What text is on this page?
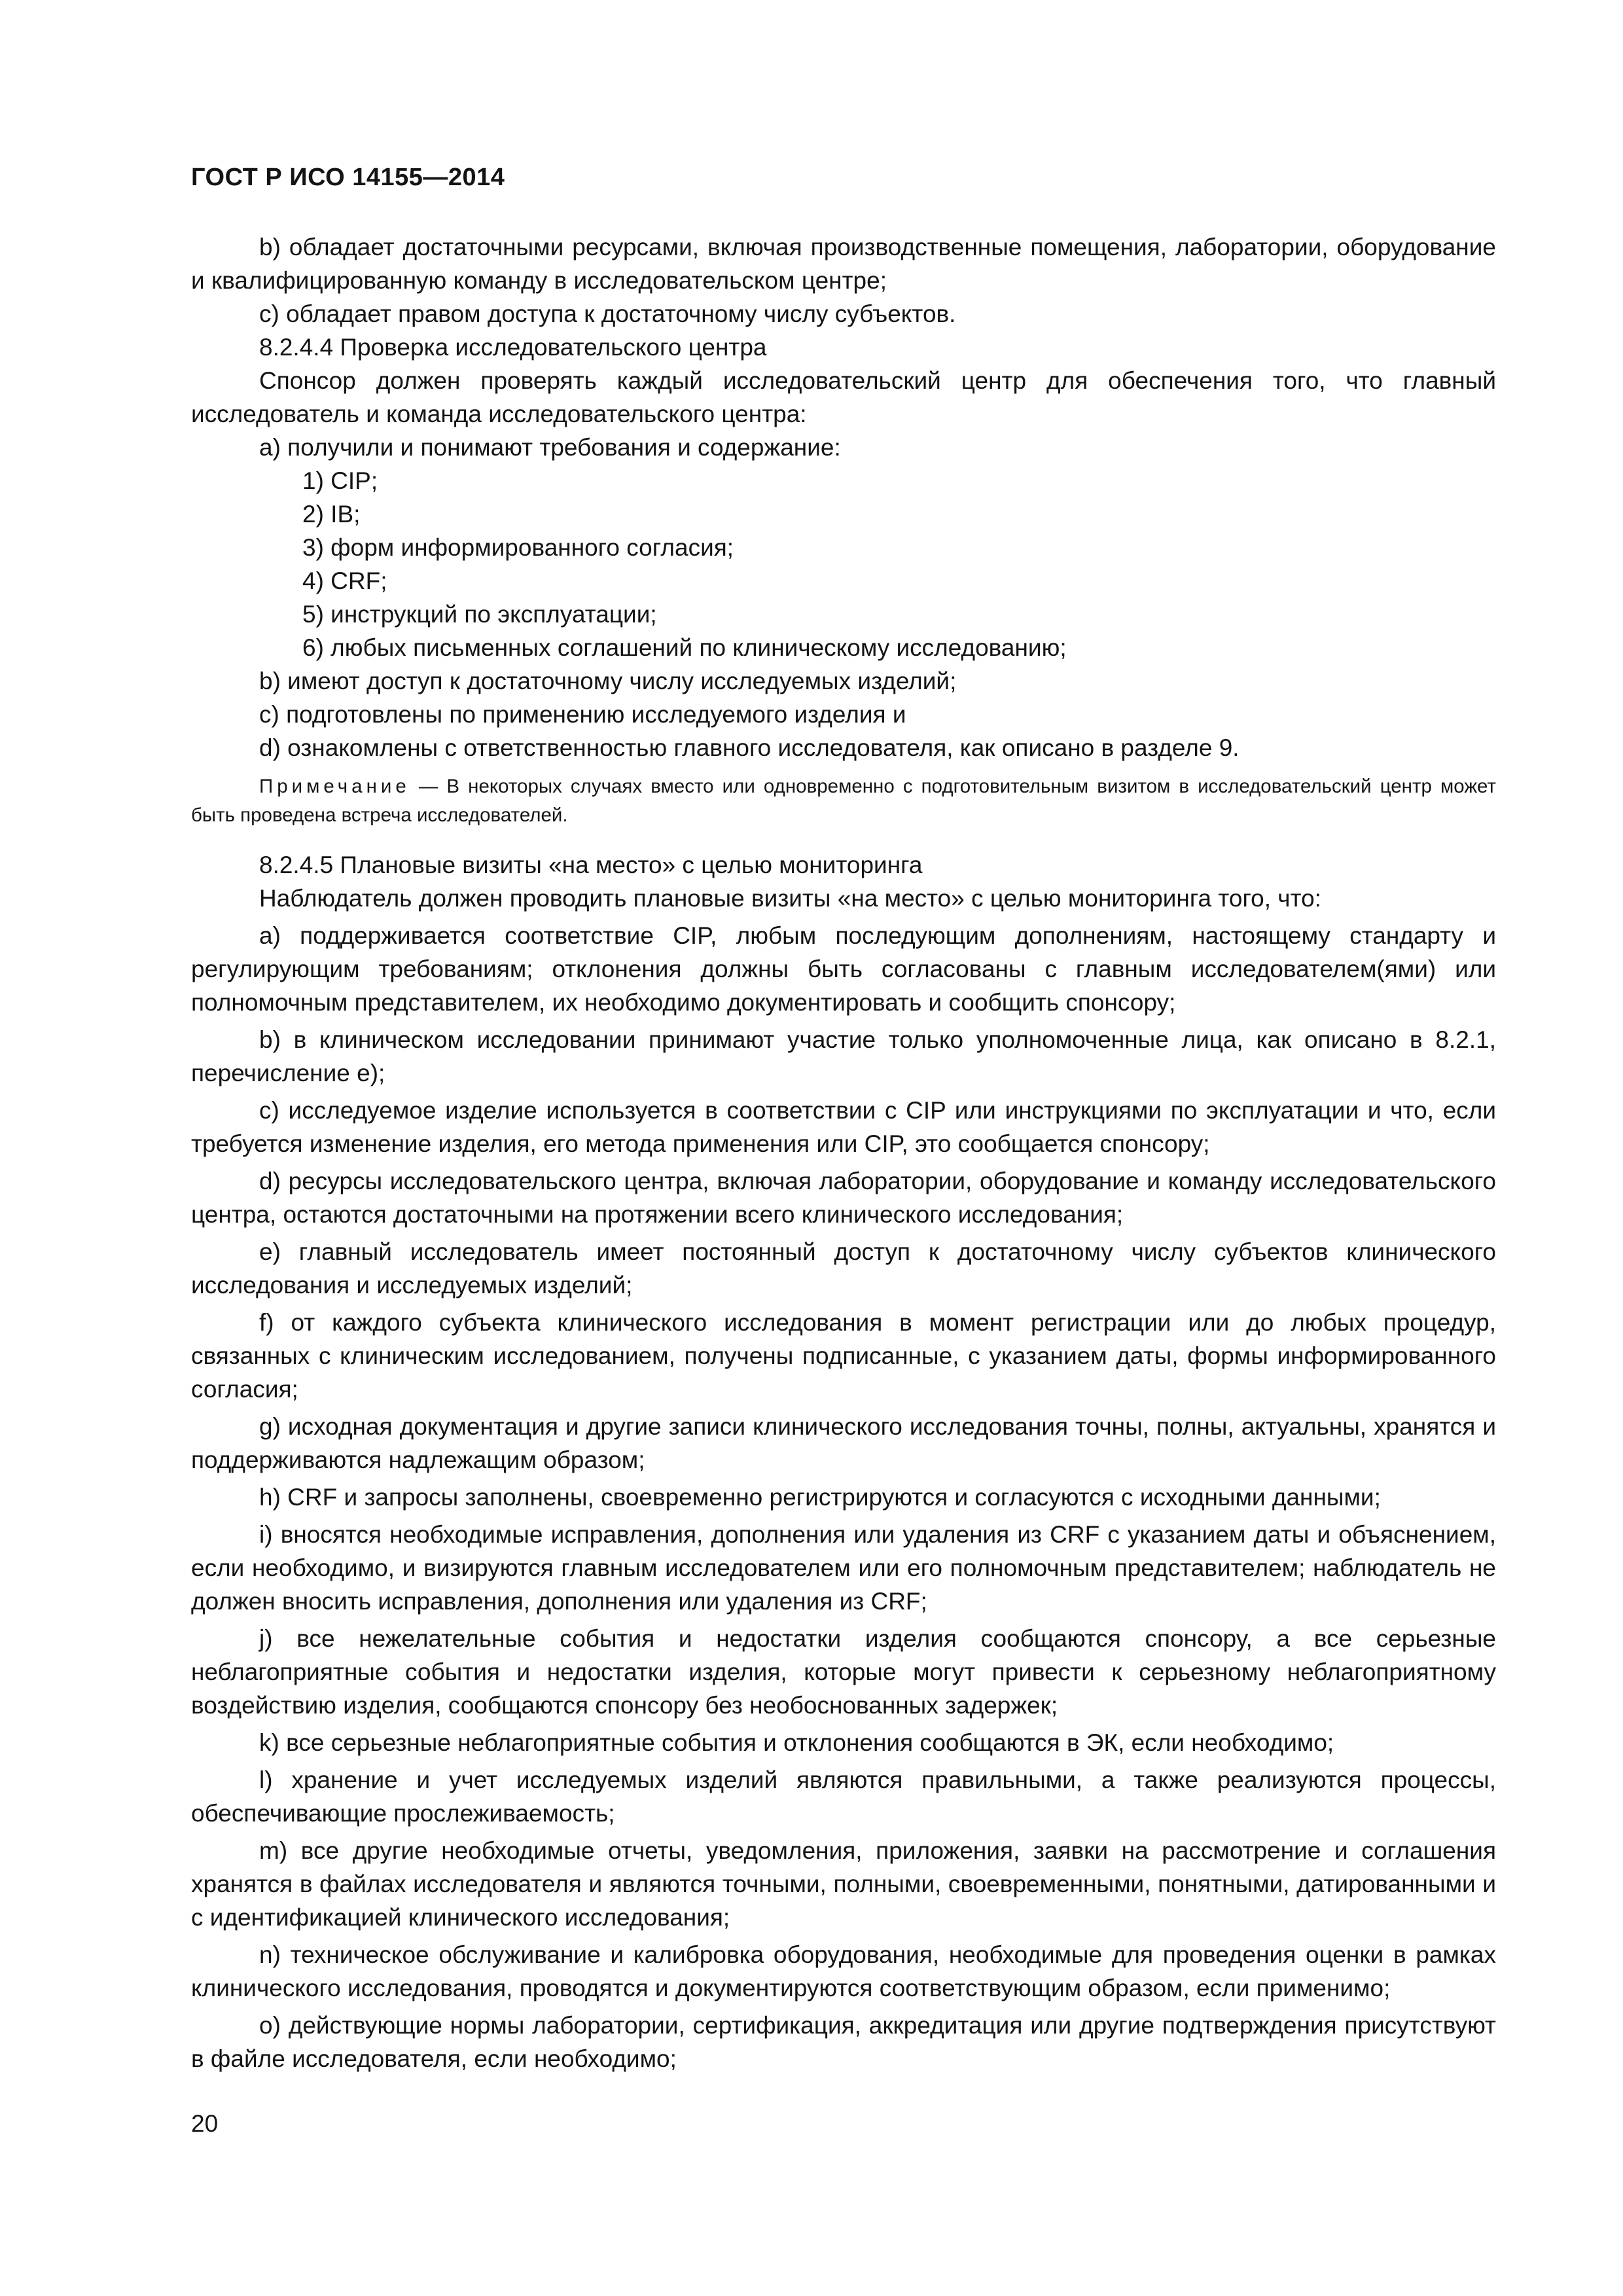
ГОСТ Р ИСО 14155—2014

b) обладает достаточными ресурсами, включая производственные помещения, лаборатории, оборудование и квалифицированную команду в исследовательском центре;

c) обладает правом доступа к достаточному числу субъектов.

8.2.4.4 Проверка исследовательского центра

Спонсор должен проверять каждый исследовательский центр для обеспечения того, что главный исследователь и команда исследовательского центра:

a) получили и понимают требования и содержание:

1) CIP;

2) IB;

3) форм информированного согласия;

4) CRF;

5) инструкций по эксплуатации;

6) любых письменных соглашений по клиническому исследованию;

b) имеют доступ к достаточному числу исследуемых изделий;

c) подготовлены по применению исследуемого изделия и

d) ознакомлены с ответственностью главного исследователя, как описано в разделе 9.

Примечание — В некоторых случаях вместо или одновременно с подготовительным визитом в исследовательский центр может быть проведена встреча исследователей.

8.2.4.5 Плановые визиты «на место» с целью мониторинга

Наблюдатель должен проводить плановые визиты «на место» с целью мониторинга того, что:

a) поддерживается соответствие CIP, любым последующим дополнениям, настоящему стандарту и регулирующим требованиям; отклонения должны быть согласованы с главным исследователем(ями) или полномочным представителем, их необходимо документировать и сообщить спонсору;

b) в клиническом исследовании принимают участие только уполномоченные лица, как описано в 8.2.1, перечисление e);

c) исследуемое изделие используется в соответствии с CIP или инструкциями по эксплуатации и что, если требуется изменение изделия, его метода применения или CIP, это сообщается спонсору;

d) ресурсы исследовательского центра, включая лаборатории, оборудование и команду исследовательского центра, остаются достаточными на протяжении всего клинического исследования;

e) главный исследователь имеет постоянный доступ к достаточному числу субъектов клинического исследования и исследуемых изделий;

f) от каждого субъекта клинического исследования в момент регистрации или до любых процедур, связанных с клиническим исследованием, получены подписанные, с указанием даты, формы информированного согласия;

g) исходная документация и другие записи клинического исследования точны, полны, актуальны, хранятся и поддерживаются надлежащим образом;

h) CRF и запросы заполнены, своевременно регистрируются и согласуются с исходными данными;

i) вносятся необходимые исправления, дополнения или удаления из CRF с указанием даты и объяснением, если необходимо, и визируются главным исследователем или его полномочным представителем; наблюдатель не должен вносить исправления, дополнения или удаления из CRF;

j) все нежелательные события и недостатки изделия сообщаются спонсору, а все серьезные неблагоприятные события и недостатки изделия, которые могут привести к серьезному неблагоприятному воздействию изделия, сообщаются спонсору без необоснованных задержек;

k) все серьезные неблагоприятные события и отклонения сообщаются в ЭК, если необходимо;

l) хранение и учет исследуемых изделий являются правильными, а также реализуются процессы, обеспечивающие прослеживаемость;

m) все другие необходимые отчеты, уведомления, приложения, заявки на рассмотрение и соглашения хранятся в файлах исследователя и являются точными, полными, своевременными, понятными, датированными и с идентификацией клинического исследования;

n) техническое обслуживание и калибровка оборудования, необходимые для проведения оценки в рамках клинического исследования, проводятся и документируются соответствующим образом, если применимо;

o) действующие нормы лаборатории, сертификация, аккредитация или другие подтверждения присутствуют в файле исследователя, если необходимо;

20
